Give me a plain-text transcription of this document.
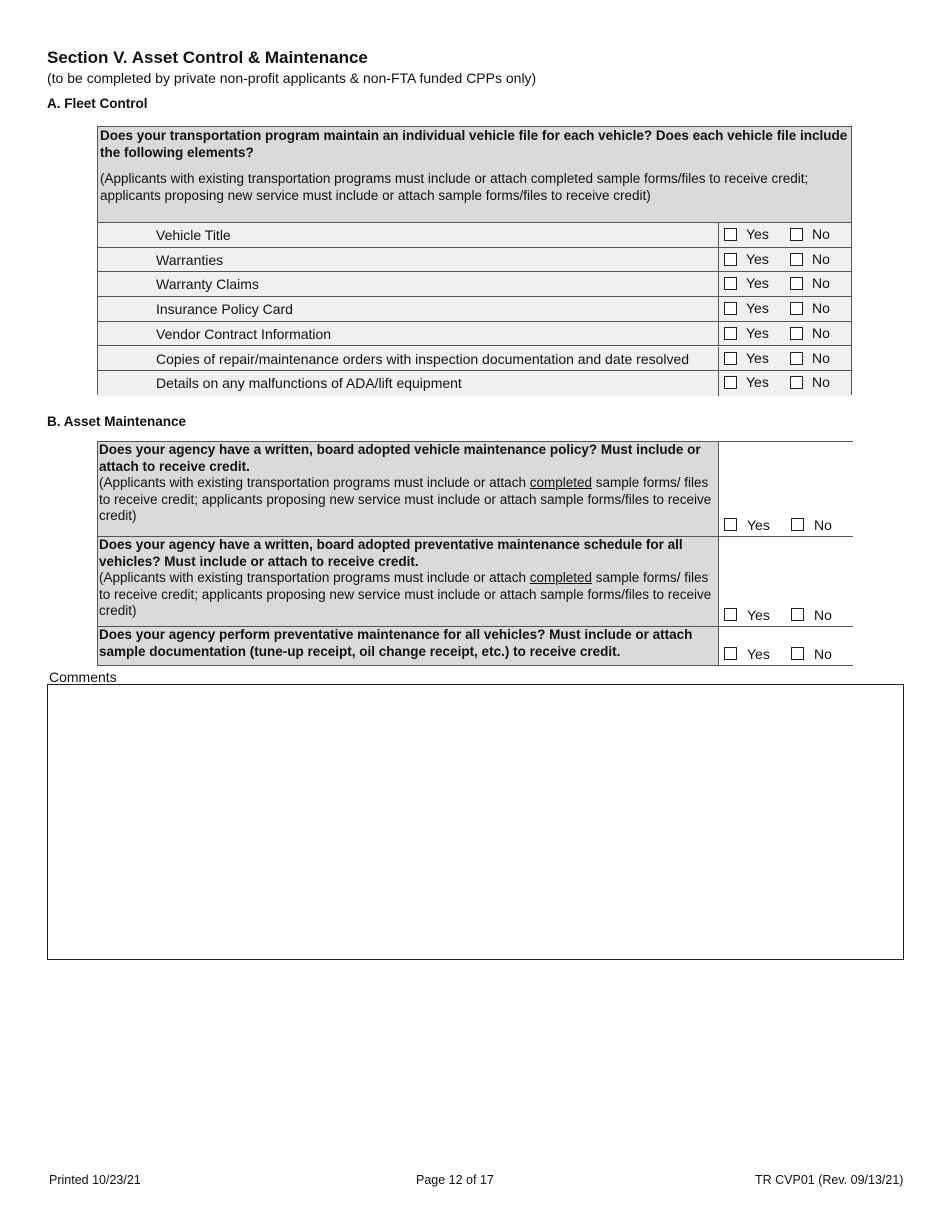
Section V. Asset Control & Maintenance
(to be completed by private non-profit applicants & non-FTA funded CPPs only)
A. Fleet Control
Does your transportation program maintain an individual vehicle file for each vehicle? Does each vehicle file include the following elements?
(Applicants with existing transportation programs must include or attach completed sample forms/files to receive credit; applicants proposing new service must include or attach sample forms/files to receive credit)
Vehicle Title	Yes	No
Warranties	Yes	No
Warranty Claims	Yes	No
Insurance Policy Card	Yes	No
Vendor Contract Information	Yes	No
Copies of repair/maintenance orders with inspection documentation and date resolved	Yes	No
Details on any malfunctions of ADA/lift equipment	Yes	No
B. Asset Maintenance
Does your agency have a written, board adopted vehicle maintenance policy? Must include or attach to receive credit.
(Applicants with existing transportation programs must include or attach completed sample forms/ files to receive credit; applicants proposing new service must include or attach sample forms/files to receive credit)
Yes	No
Does your agency have a written, board adopted preventative maintenance schedule for all vehicles? Must include or attach to receive credit.
(Applicants with existing transportation programs must include or attach completed sample forms/ files to receive credit; applicants proposing new service must include or attach sample forms/files to receive credit)	Yes	No
Does your agency perform preventative maintenance for all vehicles? Must include or attach sample documentation (tune-up receipt, oil change receipt, etc.) to receive credit.	Yes	No
Comments
Printed 10/23/21	Page 12 of 17	TR CVP01 (Rev. 09/13/21)
